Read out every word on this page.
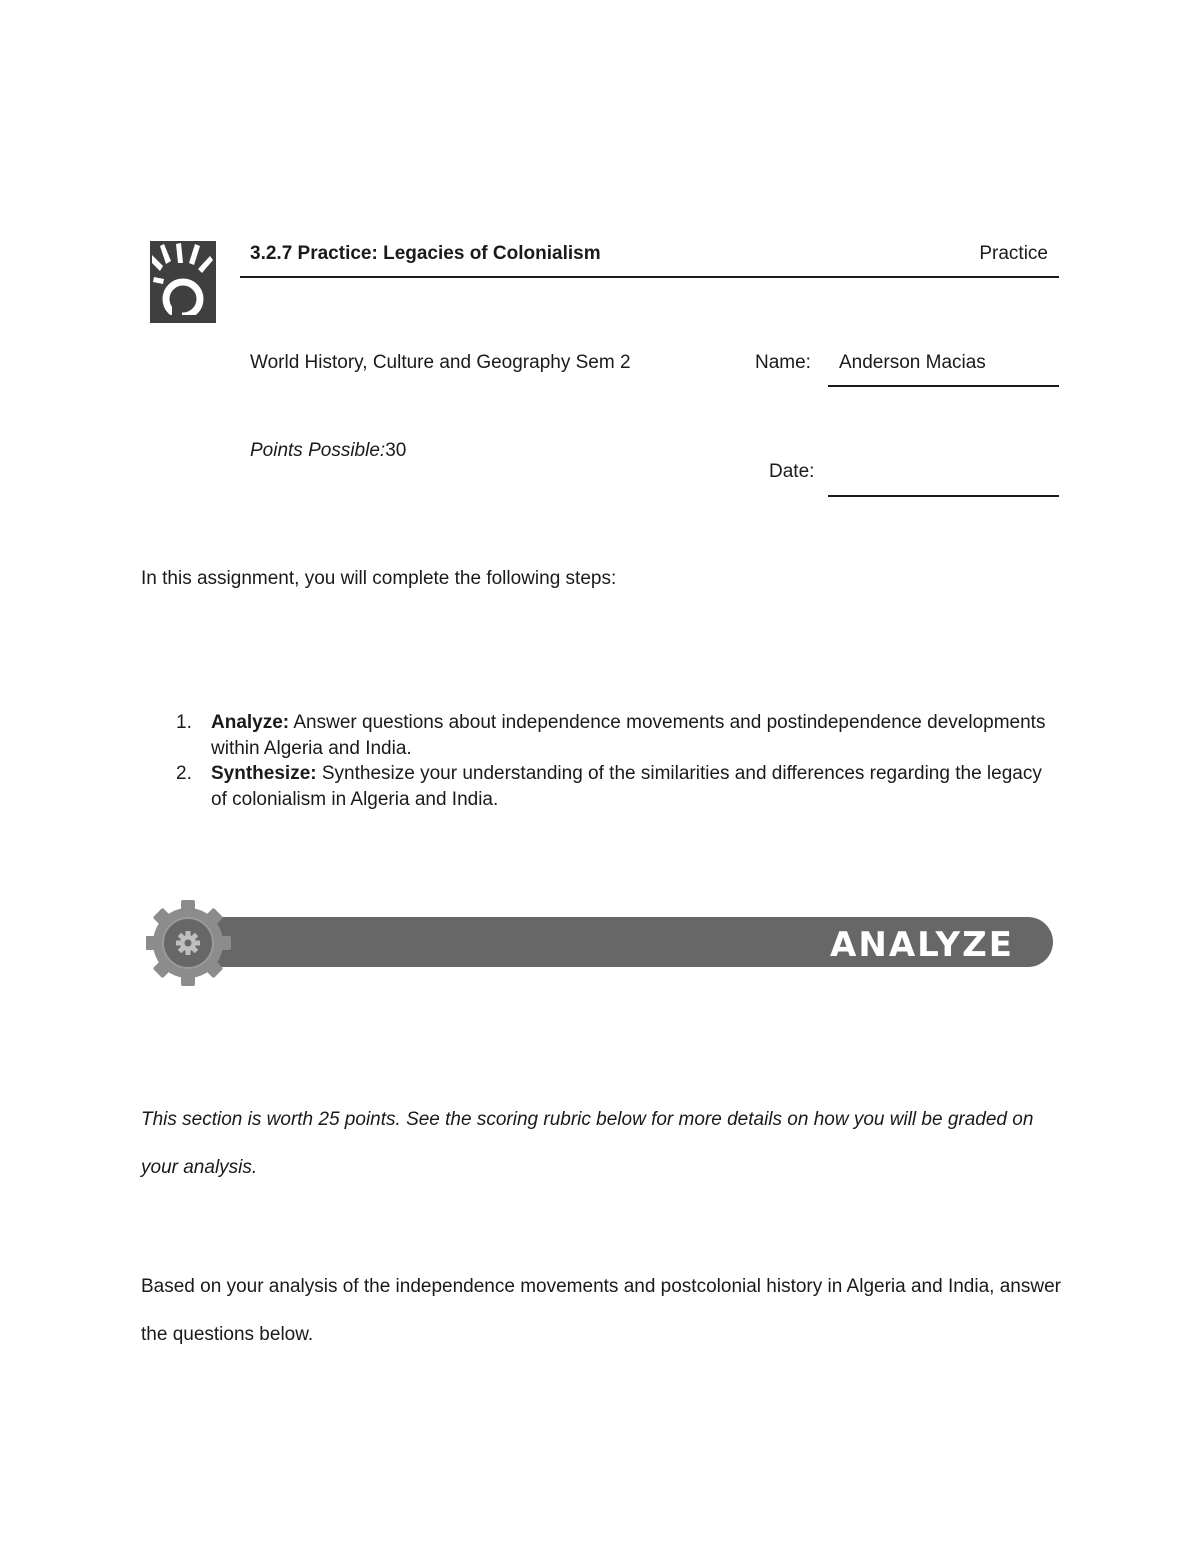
3.2.7 Practice: Legacies of Colonialism	Practice
World History, Culture and Geography Sem 2	Name: Anderson Macias
Points Possible:30
Date:
In this assignment, you will complete the following steps:
1. Analyze: Answer questions about independence movements and postindependence developments within Algeria and India.
2. Synthesize: Synthesize your understanding of the similarities and differences regarding the legacy of colonialism in Algeria and India.
ANALYZE
This section is worth 25 points. See the scoring rubric below for more details on how you will be graded on your analysis.
Based on your analysis of the independence movements and postcolonial history in Algeria and India, answer the questions below.
